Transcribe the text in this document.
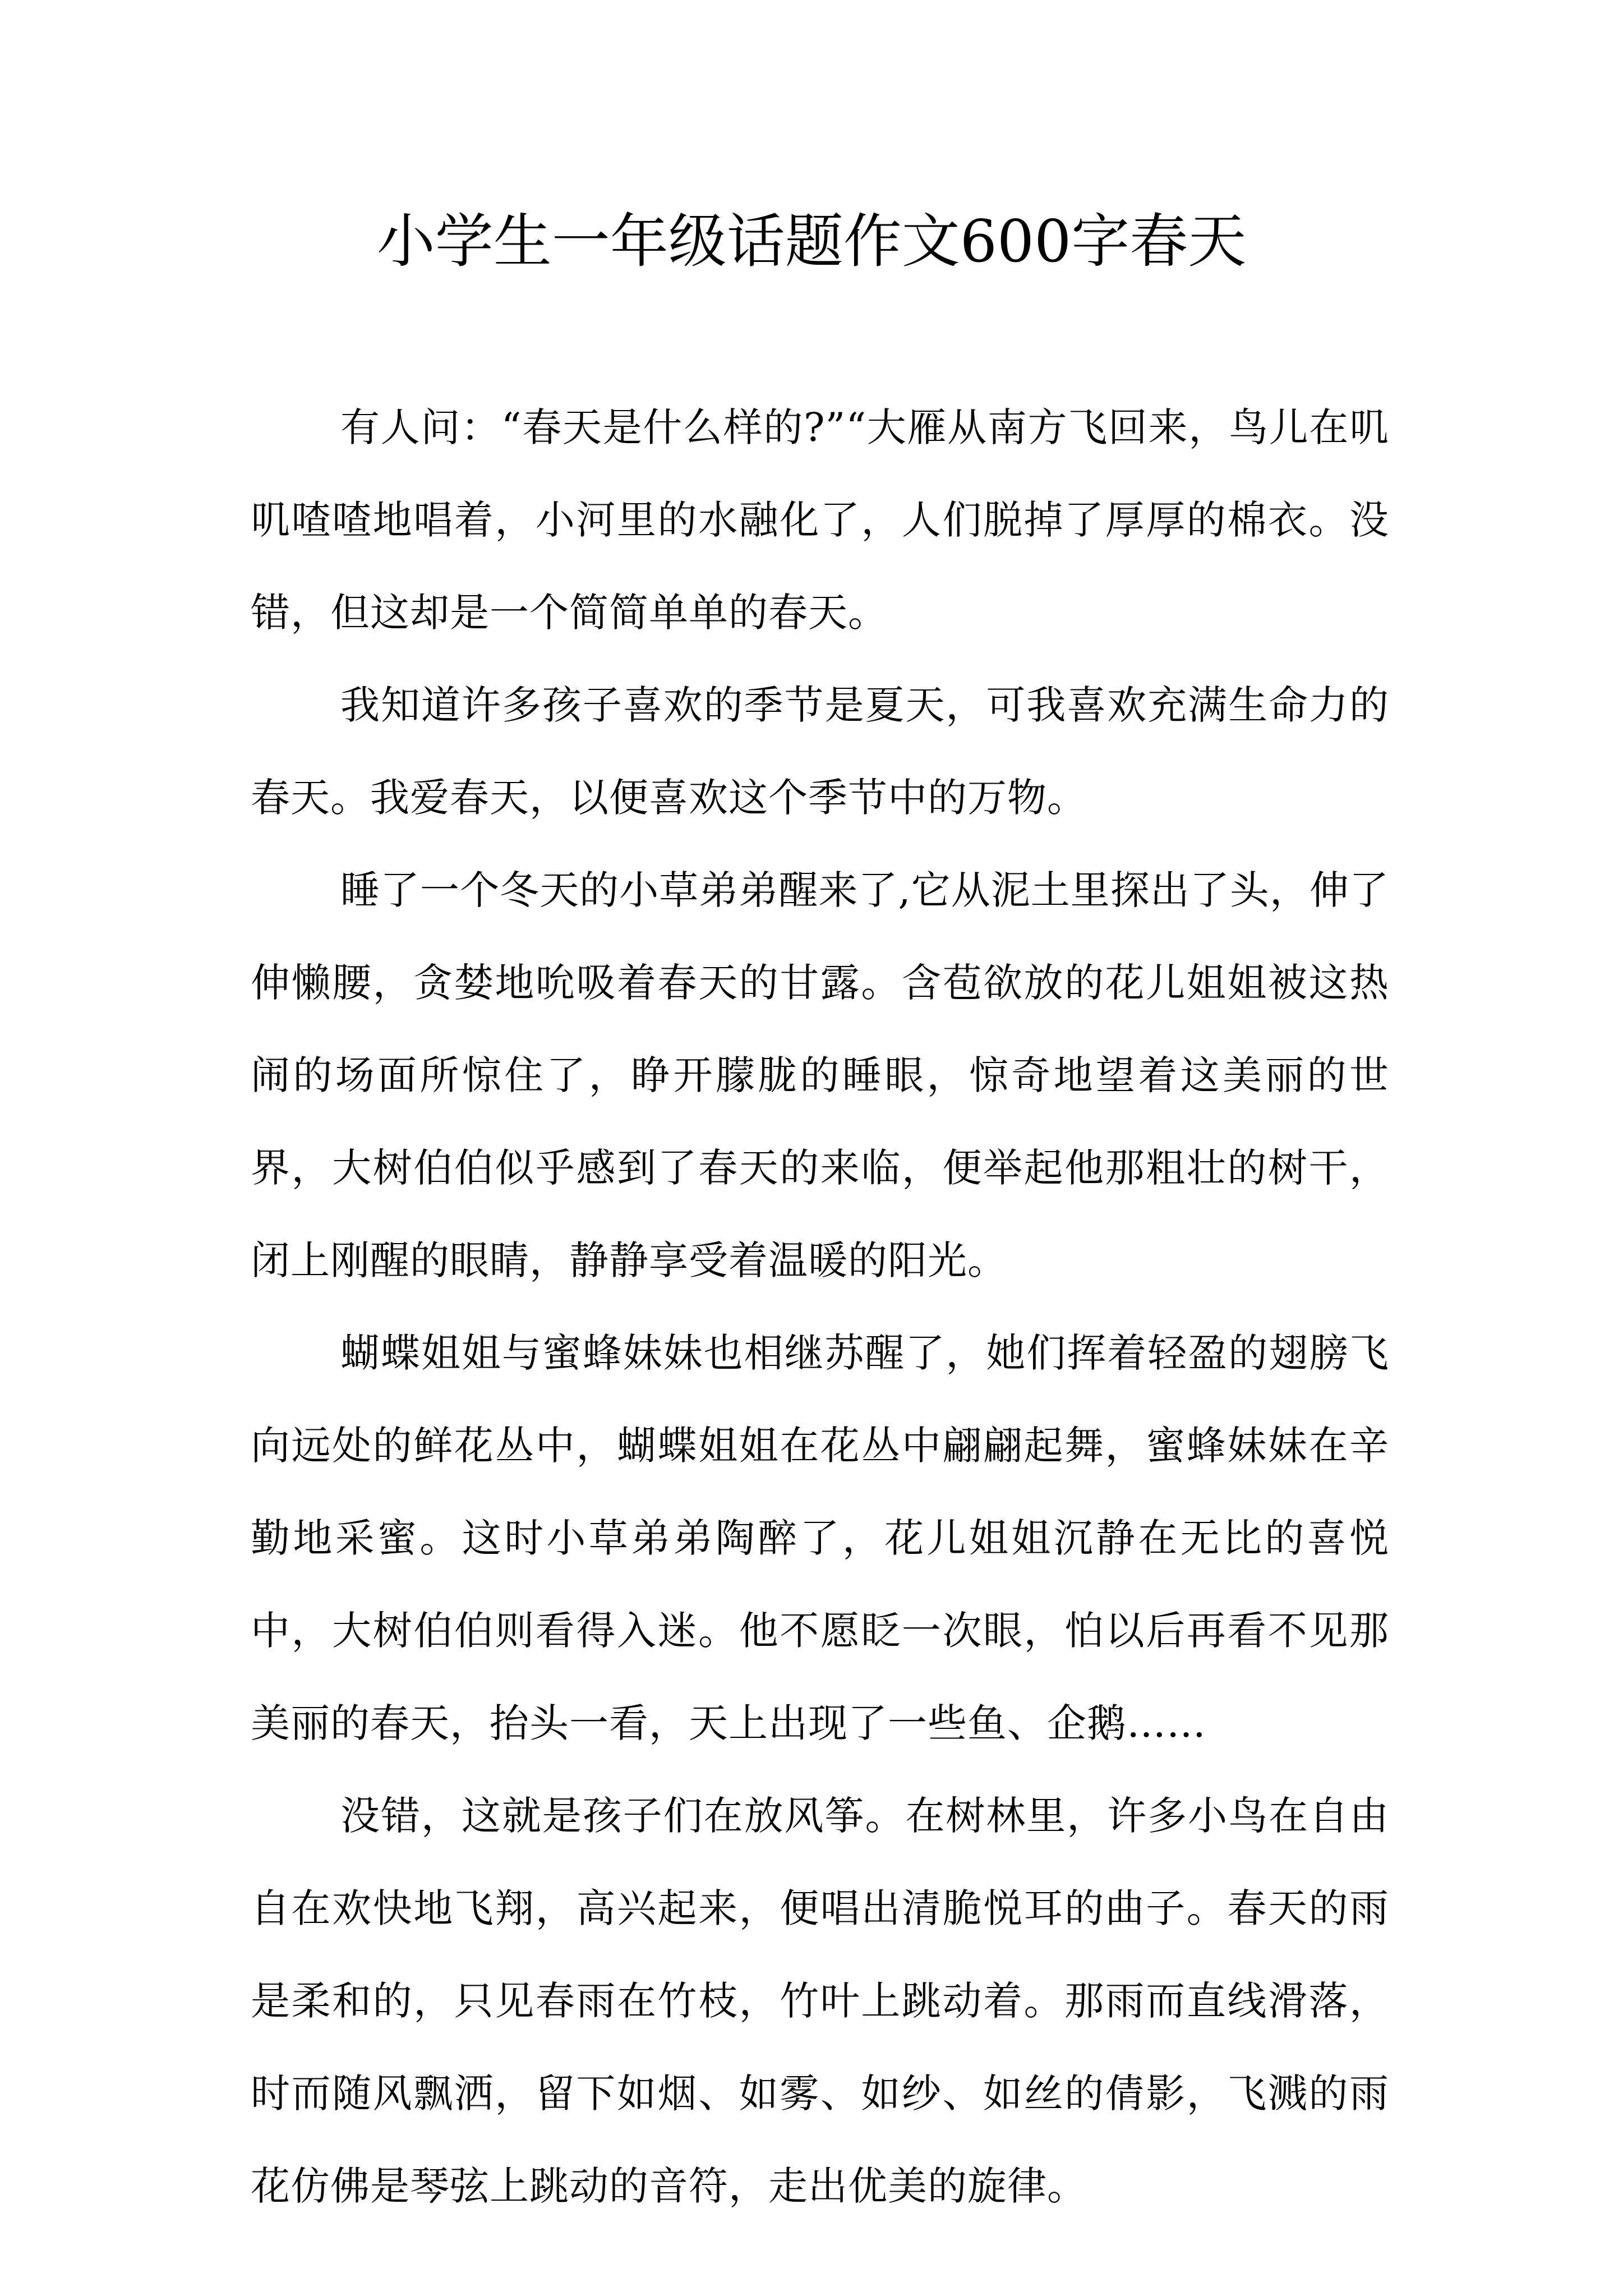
小学生一年级话题作文600字春天

有人问：“春天是什么样的?”“大雁从南方飞回来，鸟儿在叽叽喳喳地唱着，小河里的水融化了，人们脱掉了厚厚的棉衣。没错，但这却是一个简简单单的春天。

我知道许多孩子喜欢的季节是夏天，可我喜欢充满生命力的春天。我爱春天，以便喜欢这个季节中的万物。

睡了一个冬天的小草弟弟醒来了,它从泥土里探出了头，伸了伸懒腰，贪婪地吮吸着春天的甘露。含苞欲放的花儿姐姐被这热闹的场面所惊住了，睁开朦胧的睡眼，惊奇地望着这美丽的世界，大树伯伯似乎感到了春天的来临，便举起他那粗壮的树干，闭上刚醒的眼睛，静静享受着温暖的阳光。

蝴蝶姐姐与蜜蜂妹妹也相继苏醒了，她们挥着轻盈的翅膀飞向远处的鲜花丛中，蝴蝶姐姐在花丛中翩翩起舞，蜜蜂妹妹在辛勤地采蜜。这时小草弟弟陶醉了，花儿姐姐沉静在无比的喜悦中，大树伯伯则看得入迷。他不愿眨一次眼，怕以后再看不见那美丽的春天，抬头一看，天上出现了一些鱼、企鹅……

没错，这就是孩子们在放风筝。在树林里，许多小鸟在自由自在欢快地飞翔，高兴起来，便唱出清脆悦耳的曲子。春天的雨是柔和的，只见春雨在竹枝，竹叶上跳动着。那雨而直线滑落，时而随风飘洒，留下如烟、如雾、如纱、如丝的倩影，飞溅的雨花仿佛是琴弦上跳动的音符，走出优美的旋律。
